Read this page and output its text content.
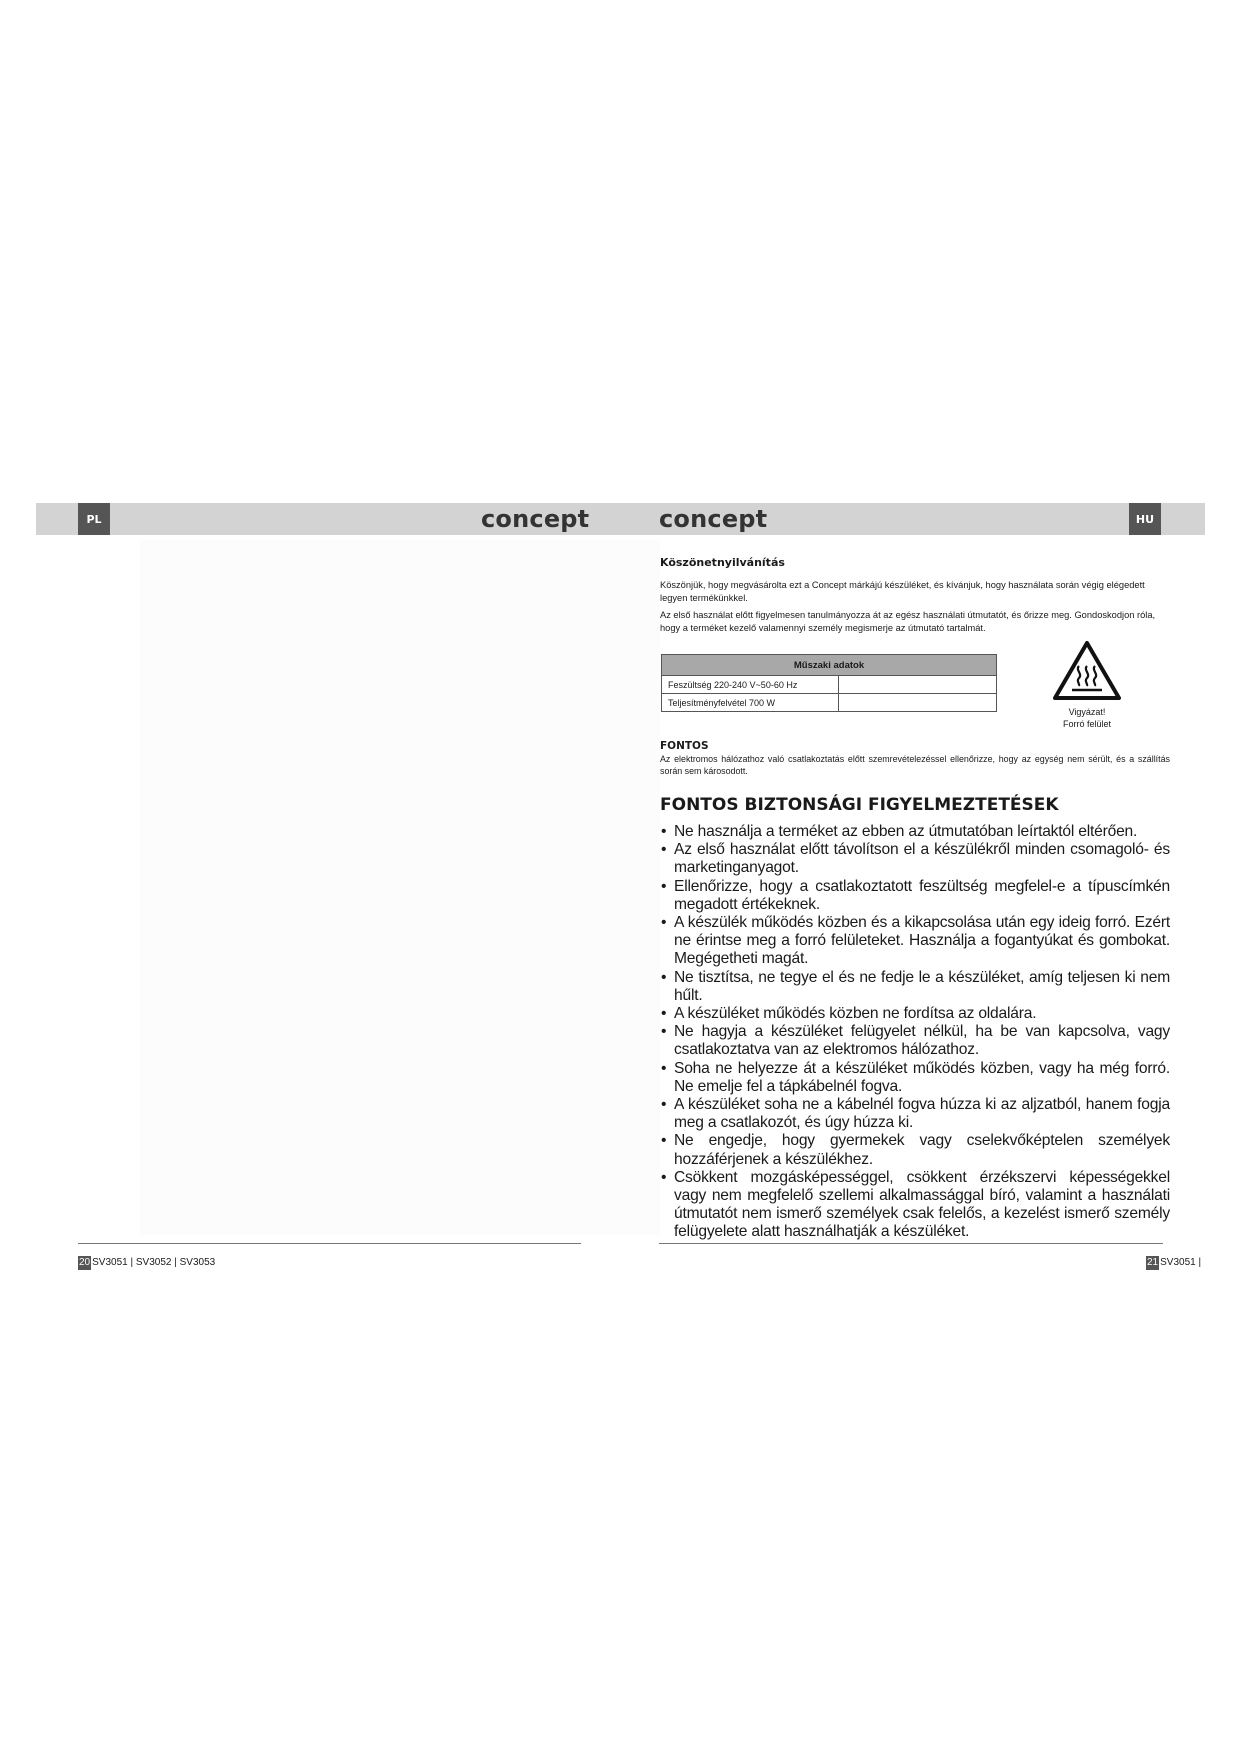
PL	concept	concept	HU
Köszönetnyilvánítás

Köszönjük, hogy megvásárolta ezt a Concept márkájú készüléket, és kívánjuk, hogy használata során végig elégedett legyen termékünkkel.

Az első használat előtt figyelmesen tanulmányozza át az egész használati útmutatót, és őrizze meg. Gondoskodjon róla, hogy a terméket kezelő valamennyi személy megismerje az útmutató tartalmát.

Műszaki adatok	
Feszültség 220-240 V~50-60 Hz	
Teljesítményfelvétel 700 W	
Vigyázat!
Forró felület
FONTOS

Az elektromos hálózathoz való csatlakoztatás előtt szemrevételezéssel ellenőrizze, hogy az egység nem sérült, és a szállítás során sem károsodott.

FONTOS BIZTONSÁGI FIGYELMEZTETÉSEK
• Ne használja a terméket az ebben az útmutatóban leírtaktól eltérően.
• Az első használat előtt távolítson el a készülékről minden csomagoló- és marketinganyagot.
• Ellenőrizze, hogy a csatlakoztatott feszültség megfelel-e a típuscímkén megadott értékeknek.
• A készülék működés közben és a kikapcsolása után egy ideig forró. Ezért ne érintse meg a forró felületeket. Használja a fogantyúkat és gombokat. Megégetheti magát.
• Ne tisztítsa, ne tegye el és ne fedje le a készüléket, amíg teljesen ki nem hűlt.
• A készüléket működés közben ne fordítsa az oldalára.
• Ne hagyja a készüléket felügyelet nélkül, ha be van kapcsolva, vagy csatlakoztatva van az elektromos hálózathoz.
• Soha ne helyezze át a készüléket működés közben, vagy ha még forró. Ne emelje fel a tápkábelnél fogva.
• A készüléket soha ne a kábelnél fogva húzza ki az aljzatból, hanem fogja meg a csatlakozót, és úgy húzza ki.
• Ne engedje, hogy gyermekek vagy cselekvőképtelen személyek hozzáférjenek a készülékhez.
• Csökkent mozgásképességgel, csökkent érzékszervi képességekkel vagy nem megfelelő szellemi alkalmassággal bíró, valamint a használati útmutatót nem ismerő személyek csak felelős, a kezelést ismerő személy felügyelete alatt használhatják a készüléket.
20 SV3051 | SV3052 | SV3053	21 SV3051 |
